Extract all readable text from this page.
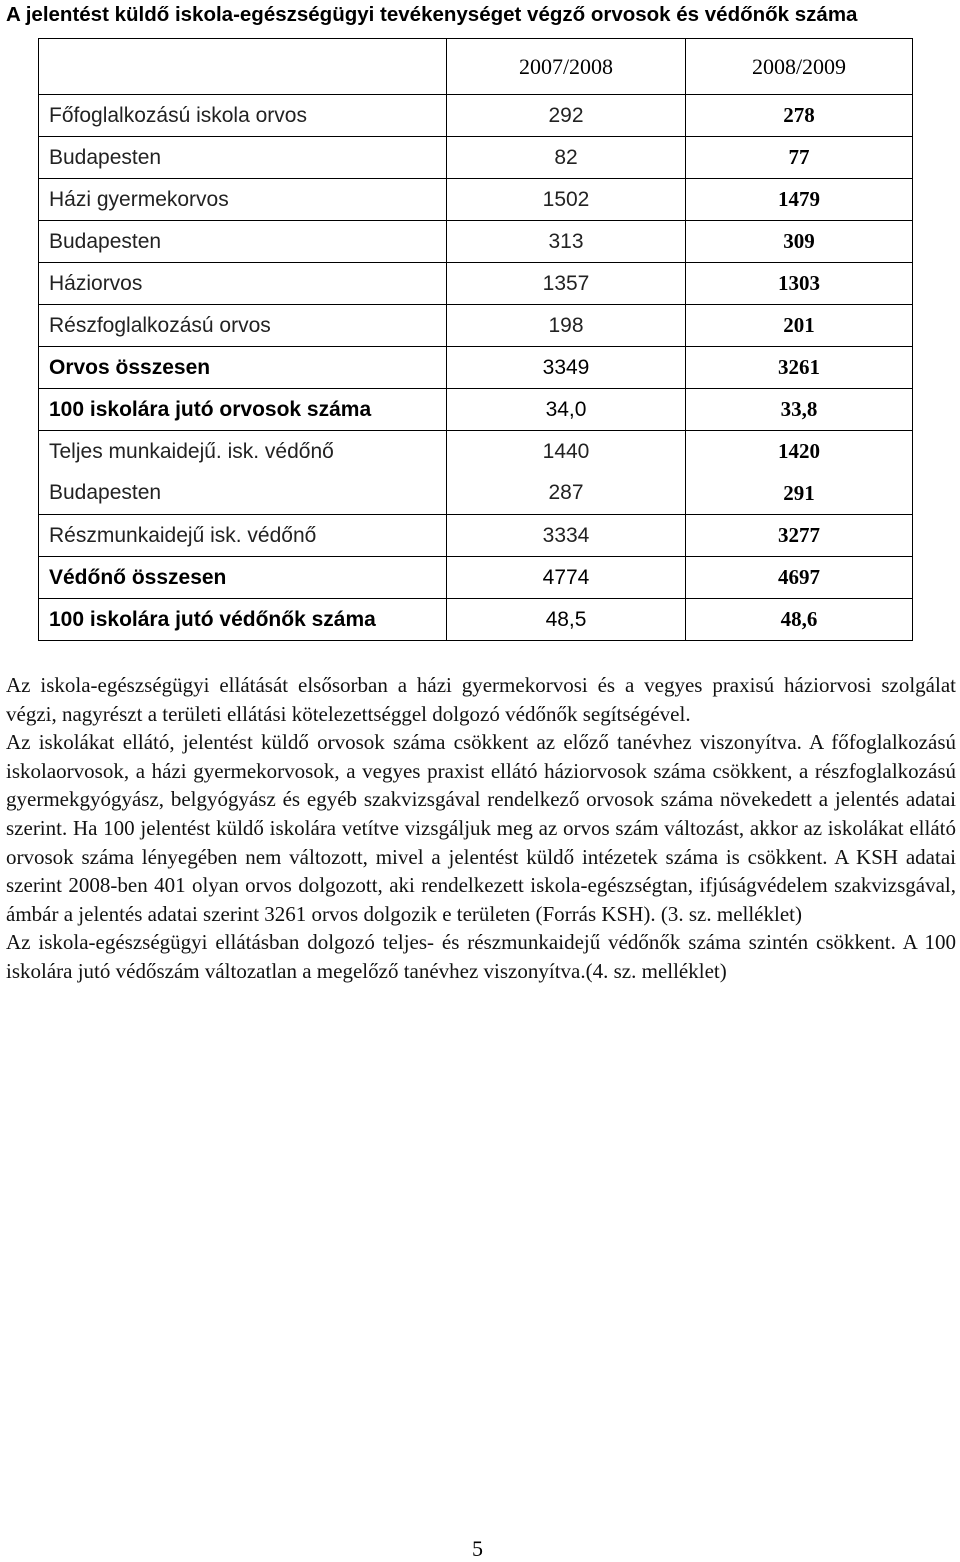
A jelentést küldő iskola-egészségügyi tevékenységet végző orvosok és védőnők száma
	2007/2008	2008/2009
Főfoglalkozású iskola orvos	292	278
Budapesten	82	77
Házi gyermekorvos	1502	1479
Budapesten	313	309
Háziorvos	1357	1303
Részfoglalkozású orvos	198	201
Orvos összesen	3349	3261
100 iskolára jutó orvosok száma	34,0	33,8
Teljes munkaidejű. isk. védőnő	1440	1420
Budapesten	287	291
Részmunkaidejű isk. védőnő	3334	3277
Védőnő összesen	4774	4697
100 iskolára jutó védőnők száma	48,5	48,6

Az iskola-egészségügyi ellátását elsősorban a házi gyermekorvosi és a vegyes praxisú háziorvosi szolgálat végzi, nagyrészt a területi ellátási kötelezettséggel dolgozó védőnők segítségével.

Az iskolákat ellátó, jelentést küldő orvosok száma csökkent az előző tanévhez viszonyítva. A főfoglalkozású iskolaorvosok, a házi gyermekorvosok, a vegyes praxist ellátó háziorvosok száma csökkent, a részfoglalkozású gyermekgyógyász, belgyógyász és egyéb szakvizsgával rendelkező orvosok száma növekedett a jelentés adatai szerint. Ha 100 jelentést küldő iskolára vetítve vizsgáljuk meg az orvos szám változást, akkor az iskolákat ellátó orvosok száma lényegében nem változott, mivel a jelentést küldő intézetek száma is csökkent. A KSH adatai szerint 2008-ben 401 olyan orvos dolgozott, aki rendelkezett iskola-egészségtan, ifjúságvédelem szakvizsgával, ámbár a jelentés adatai szerint 3261 orvos dolgozik e területen (Forrás KSH). (3. sz. melléklet)

Az iskola-egészségügyi ellátásban dolgozó teljes- és részmunkaidejű védőnők száma szintén csökkent. A 100 iskolára jutó védőszám változatlan a megelőző tanévhez viszonyítva.(4. sz. melléklet)

5
